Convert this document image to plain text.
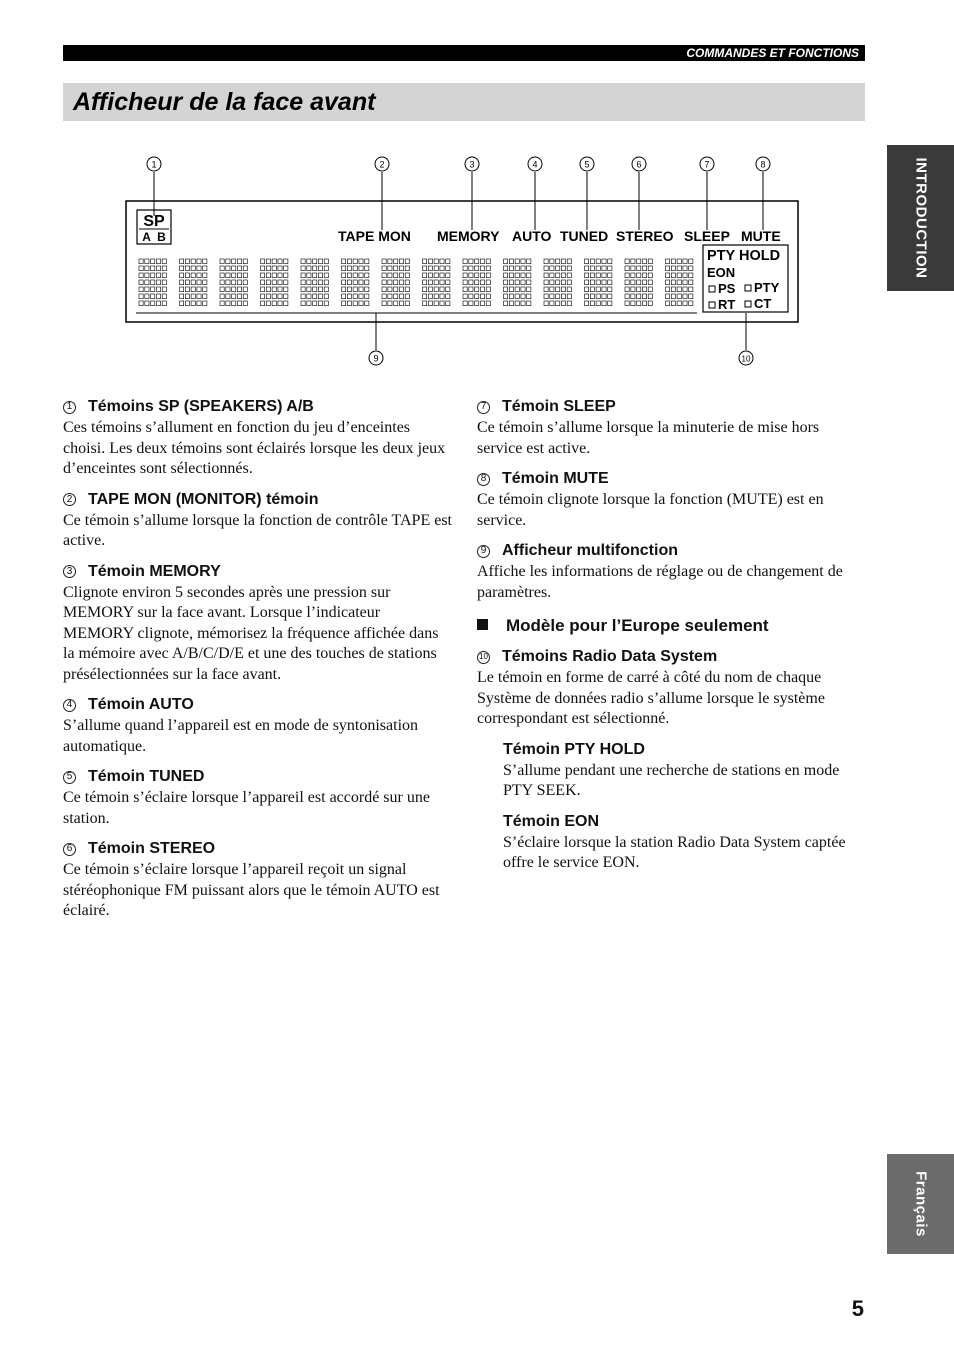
COMMANDES ET FONCTIONS
Afficheur de la face avant
INTRODUCTION
Français
1	2	3	4	5	6	7	8
9	10
SP
A  B	TAPE MON MEMORY AUTO TUNED STEREO SLEEP MUTE
PTY HOLD
EON
PS PTY
RT CT

1 Témoins SP (SPEAKERS) A/B

Ces témoins s’allument en fonction du jeu d’enceintes choisi. Les deux témoins sont éclairés lorsque les deux jeux d’enceintes sont sélectionnés.

2 TAPE MON (MONITOR) témoin

Ce témoin s’allume lorsque la fonction de contrôle TAPE est active.

3 Témoin MEMORY

Clignote environ 5 secondes après une pression sur MEMORY sur la face avant. Lorsque l’indicateur MEMORY clignote, mémorisez la fréquence affichée dans la mémoire avec A/B/C/D/E et une des touches de stations présélectionnées sur la face avant.

4 Témoin AUTO

S’allume quand l’appareil est en mode de syntonisation automatique.

5 Témoin TUNED

Ce témoin s’éclaire lorsque l’appareil est accordé sur une station.

6 Témoin STEREO

Ce témoin s’éclaire lorsque l’appareil reçoit un signal stéréophonique FM puissant alors que le témoin AUTO est éclairé.

7 Témoin SLEEP

Ce témoin s’allume lorsque la minuterie de mise hors service est active.

8 Témoin MUTE

Ce témoin clignote lorsque la fonction (MUTE) est en service.

9 Afficheur multifonction

Affiche les informations de réglage ou de changement de paramètres.

Modèle pour l’Europe seulement

10 Témoins Radio Data System

Le témoin en forme de carré à côté du nom de chaque Système de données radio s’allume lorsque le système correspondant est sélectionné.

Témoin PTY HOLD

S’allume pendant une recherche de stations en mode PTY SEEK.

Témoin EON

S’éclaire lorsque la station Radio Data System captée offre le service EON.

5
